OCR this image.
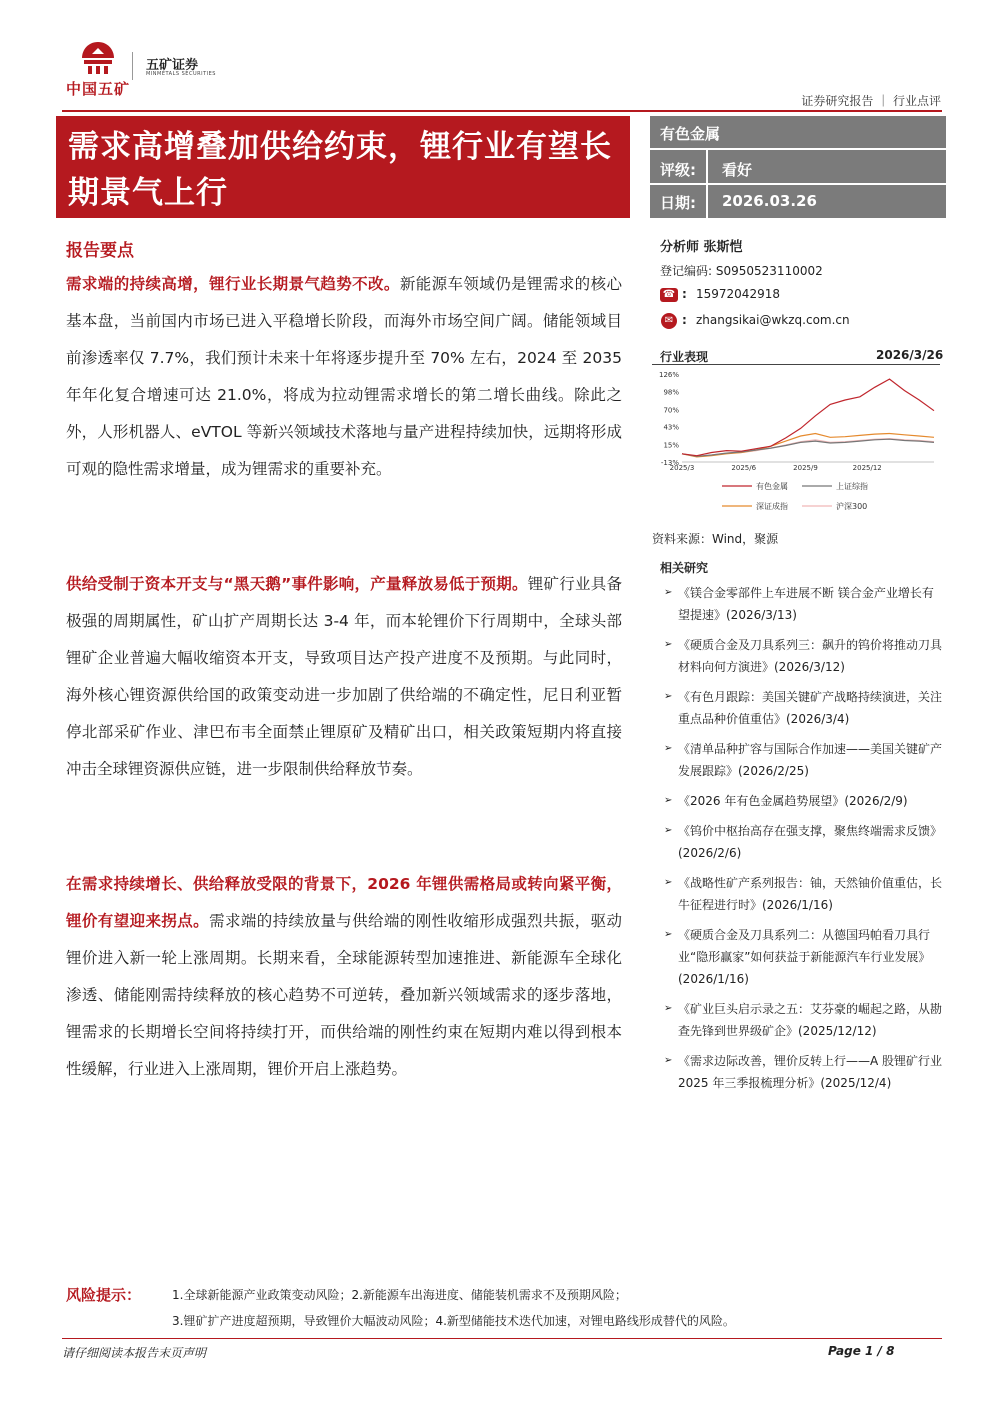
中国五矿
五矿证券
MINMETALS SECURITIES
证券研究报告 ｜ 行业点评
需求高增叠加供给约束，锂行业有望长期景气上行
有色金属
评级: 看好
日期: 2026.03.26
报告要点
需求端的持续高增，锂行业长期景气趋势不改。新能源车领域仍是锂需求的核心基本盘，当前国内市场已进入平稳增长阶段，而海外市场空间广阔。储能领域目前渗透率仅 7.7%，我们预计未来十年将逐步提升至 70% 左右，2024 至 2035 年年化复合增速可达 21.0%，将成为拉动锂需求增长的第二增长曲线。除此之外，人形机器人、eVTOL 等新兴领域技术落地与量产进程持续加快，远期将形成可观的隐性需求增量，成为锂需求的重要补充。
供给受制于资本开支与“黑天鹅”事件影响，产量释放易低于预期。锂矿行业具备极强的周期属性，矿山扩产周期长达 3-4 年，而本轮锂价下行周期中，全球头部锂矿企业普遍大幅收缩资本开支，导致项目达产投产进度不及预期。与此同时，海外核心锂资源供给国的政策变动进一步加剧了供给端的不确定性，尼日利亚暂停北部采矿作业、津巴布韦全面禁止锂原矿及精矿出口，相关政策短期内将直接冲击全球锂资源供应链，进一步限制供给释放节奏。
在需求持续增长、供给释放受限的背景下，2026 年锂供需格局或转向紧平衡，锂价有望迎来拐点。需求端的持续放量与供给端的刚性收缩形成强烈共振，驱动锂价进入新一轮上涨周期。长期来看，全球能源转型加速推进、新能源车全球化渗透、储能刚需持续释放的核心趋势不可逆转，叠加新兴领域需求的逐步落地，锂需求的长期增长空间将持续打开，而供给端的刚性约束在短期内难以得到根本性缓解，行业进入上涨周期，锂价开启上涨趋势。
分析师 张斯恺
登记编码: S0950523110002
☎ : 15972042918
✉ : zhangsikai@wkzq.com.cn
行业表现	2026/3/26
126%
98%
70%
43%
15%
-13%
2025/3	2025/6	2025/9	2025/12
有色金属	上证综指
深证成指	沪深300
资料来源：Wind，聚源
相关研究
➢ 《镁合金零部件上车进展不断 镁合金产业增长有望提速》(2026/3/13)
➢ 《硬质合金及刀具系列三：飙升的钨价将推动刀具材料向何方演进》(2026/3/12)
➢ 《有色月跟踪：美国关键矿产战略持续演进，关注重点品种价值重估》(2026/3/4)
➢ 《清单品种扩容与国际合作加速——美国关键矿产发展跟踪》(2026/2/25)
➢ 《2026 年有色金属趋势展望》(2026/2/9)
➢ 《钨价中枢抬高存在强支撑，聚焦终端需求反馈》(2026/2/6)
➢ 《战略性矿产系列报告：铀，天然铀价值重估，长牛征程进行时》(2026/1/16)
➢ 《硬质合金及刀具系列二：从德国玛帕看刀具行业“隐形赢家”如何获益于新能源汽车行业发展》(2026/1/16)
➢ 《矿业巨头启示录之五：艾芬豪的崛起之路，从勘查先锋到世界级矿企》(2025/12/12)
➢ 《需求边际改善，锂价反转上行——A 股锂矿行业 2025 年三季报梳理分析》(2025/12/4)
风险提示：	1.全球新能源产业政策变动风险；2.新能源车出海进度、储能装机需求不及预期风险；
3.锂矿扩产进度超预期，导致锂价大幅波动风险；4.新型储能技术迭代加速，对锂电路线形成替代的风险。
请仔细阅读本报告末页声明	Page 1 / 8
